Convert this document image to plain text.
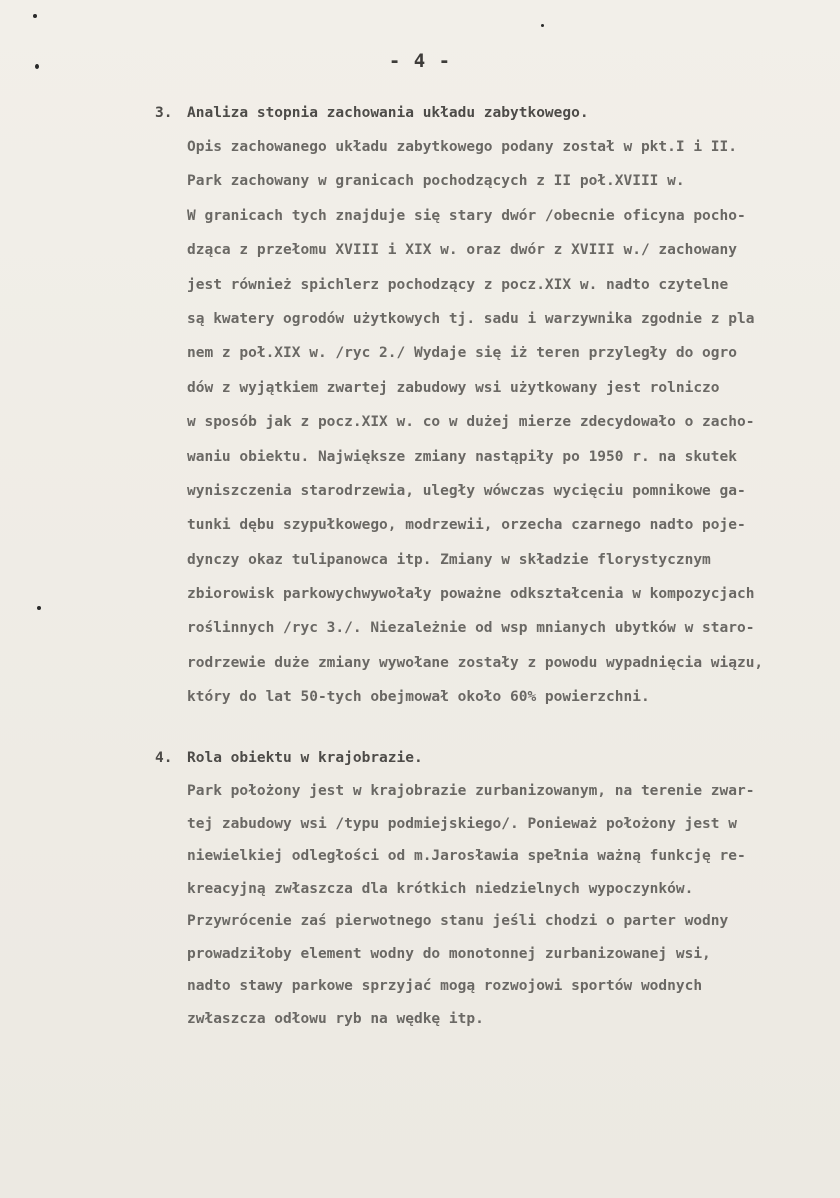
- 4 -
3. Analiza stopnia zachowania układu zabytkowego.
Opis zachowanego układu zabytkowego podany został w pkt.I i II.
Park zachowany w granicach pochodzących z II poł.XVIII w.
W granicach tych znajduje się stary dwór /obecnie oficyna pocho-
dząca z przełomu XVIII i XIX w. oraz dwór z XVIII w./ zachowany
jest również spichlerz pochodzący z pocz.XIX w. nadto czytelne
są kwatery ogrodów użytkowych tj. sadu i warzywnika zgodnie z pla
nem z poł.XIX w. /ryc 2./ Wydaje się iż teren przyległy do ogro
dów z wyjątkiem zwartej zabudowy wsi użytkowany jest rolniczo
w sposób jak z pocz.XIX w. co w dużej mierze zdecydowało o zacho-
waniu obiektu. Największe zmiany nastąpiły po 1950 r. na skutek
wyniszczenia starodrzewia, uległy wówczas wycięciu pomnikowe ga-
tunki dębu szypułkowego, modrzewii, orzecha czarnego nadto poje-
dynczy okaz tulipanowca itp. Zmiany w składzie florystycznym
zbiorowisk parkowychwywołały poważne odkształcenia w kompozycjach
roślinnych /ryc 3./. Niezależnie od wsp mnianych ubytków w staro-
rodrzewie duże zmiany wywołane zostały z powodu wypadnięcia wiązu,
który do lat 50-tych obejmował około 60% powierzchni.
4. Rola obiektu w krajobrazie.
Park położony jest w krajobrazie zurbanizowanym, na terenie zwar-
tej zabudowy wsi /typu podmiejskiego/. Ponieważ położony jest w
niewielkiej odległości od m.Jarosławia spełnia ważną funkcję re-
kreacyjną zwłaszcza dla krótkich niedzielnych wypoczynków.
Przywrócenie zaś pierwotnego stanu jeśli chodzi o parter wodny
prowadziłoby element wodny do monotonnej zurbanizowanej wsi,
nadto stawy parkowe sprzyjać mogą rozwojowi sportów wodnych
zwłaszcza odłowu ryb na wędkę itp.
